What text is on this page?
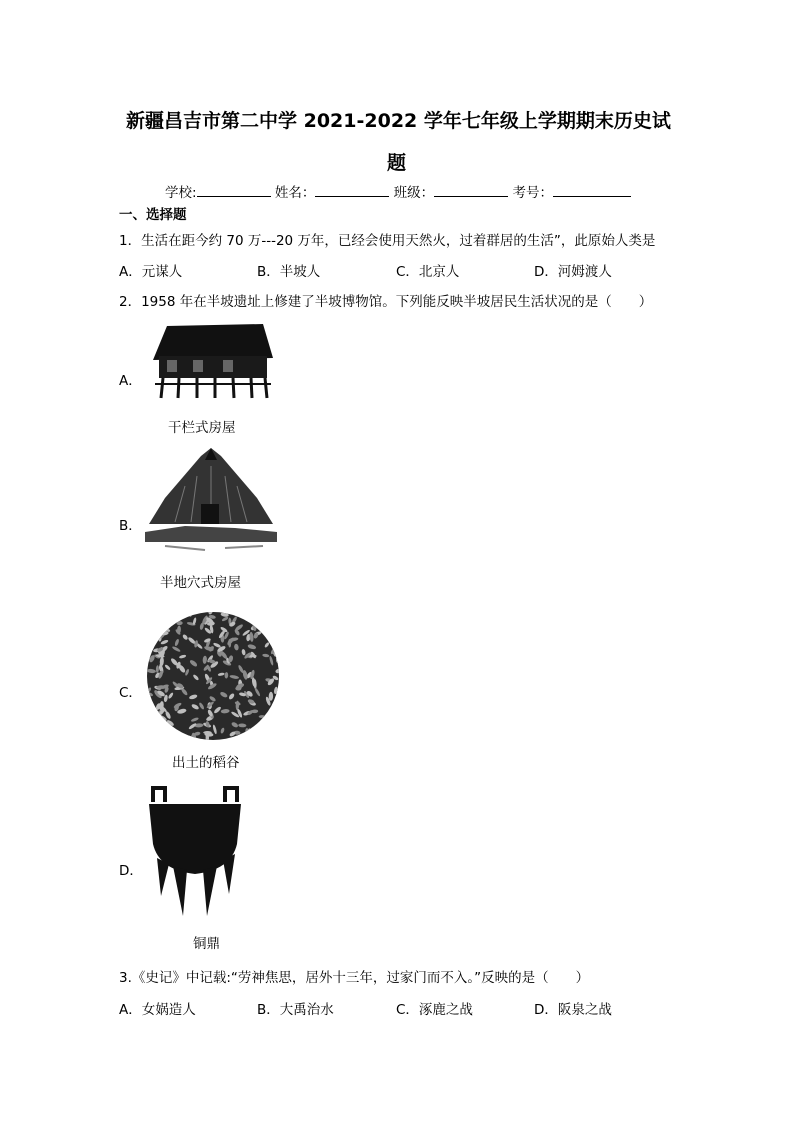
新疆昌吉市第二中学 2021-2022 学年七年级上学期期末历史试
题
学校:	姓名：	班级：	考号：
一、选择题
1．生活在距今约 70 万---20 万年，已经会使用天然火，过着群居的生活”，此原始人类是
A．元谋人	B．半坡人	C．北京人	D．河姆渡人
2．1958 年在半坡遗址上修建了半坡博物馆。下列能反映半坡居民生活状况的是（　　）
A．
干栏式房屋
B．
半地穴式房屋
C．
出土的稻谷
D．
铜鼎
3.《史记》中记载:“劳神焦思，居外十三年，过家门而不入。”反映的是（　　）
A．女娲造人	B．大禹治水	C．涿鹿之战	D．阪泉之战
